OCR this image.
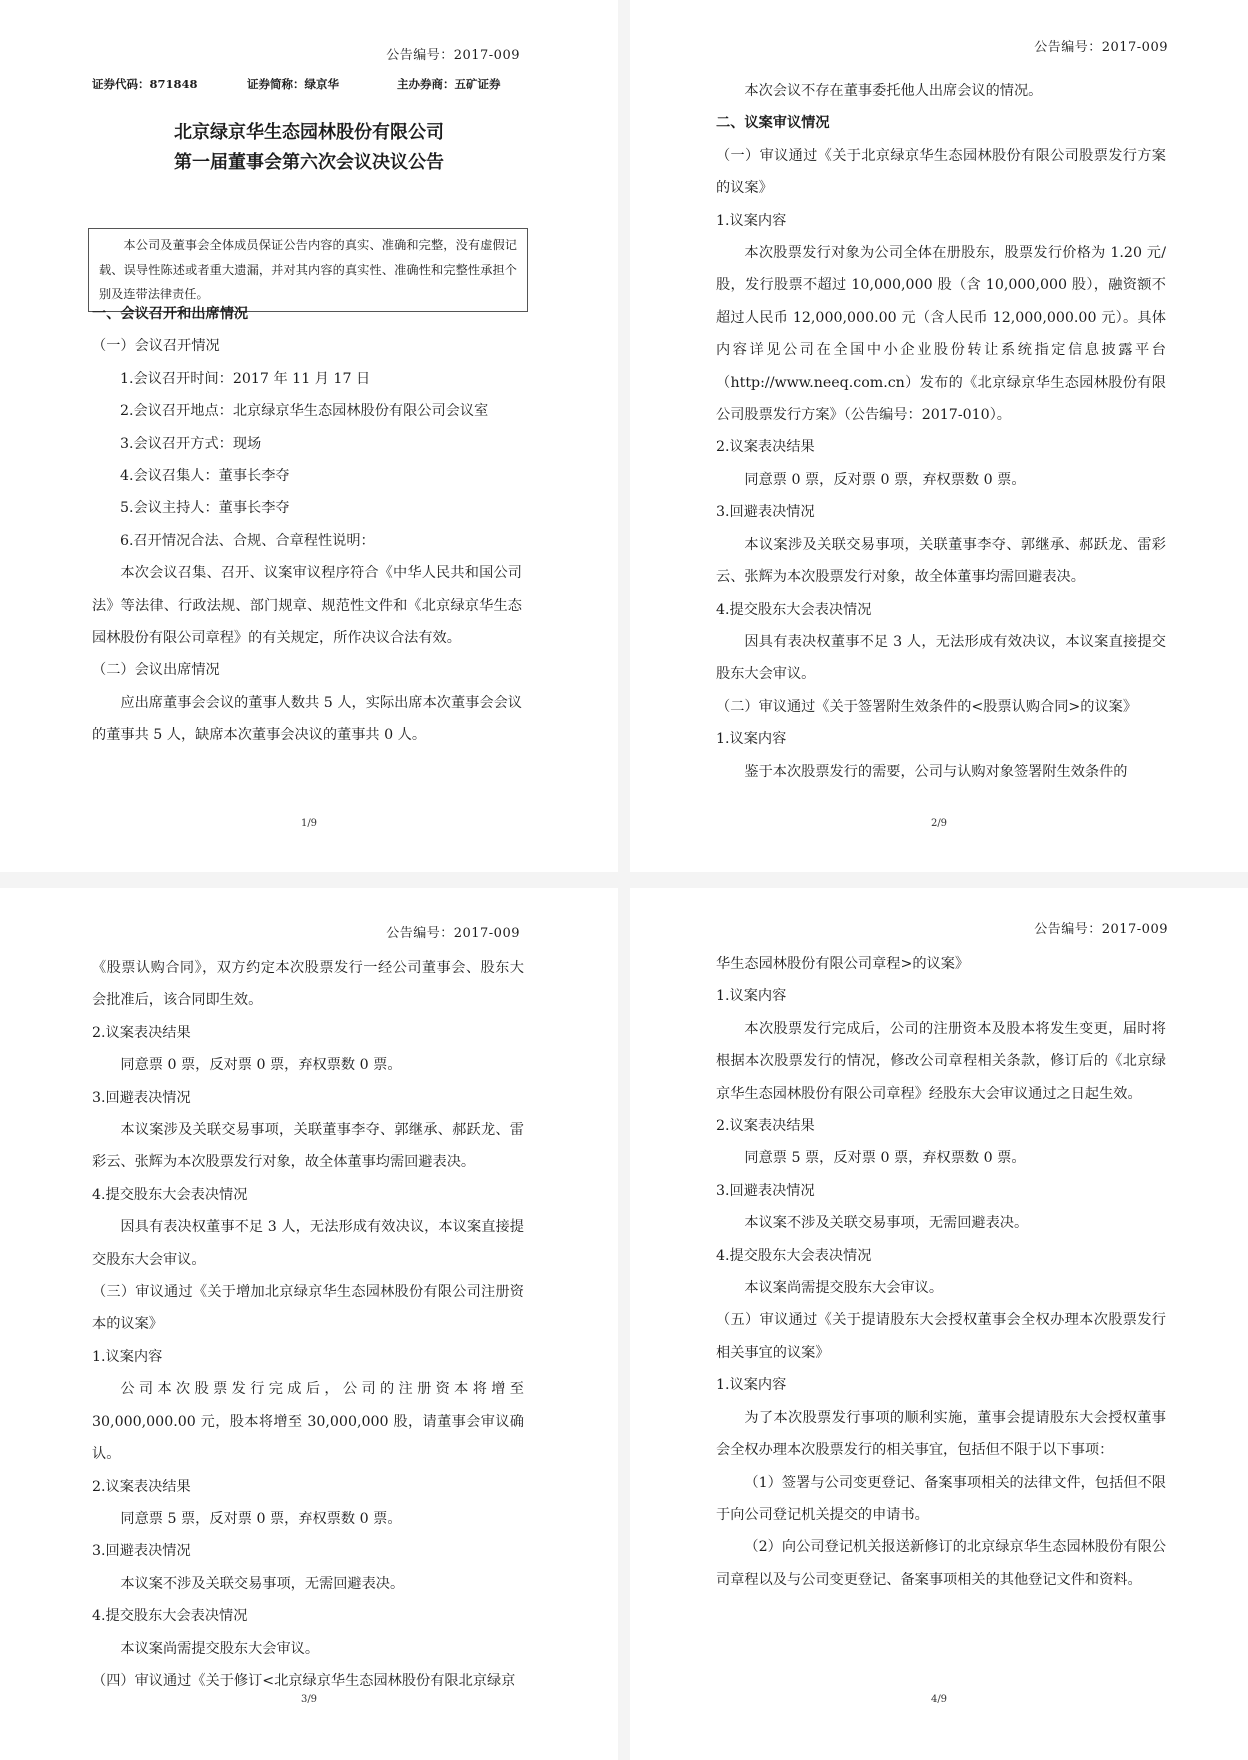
公告编号：2017-009
证券代码：871848	证券简称：绿京华	主办券商：五矿证券
北京绿京华生态园林股份有限公司
第一届董事会第六次会议决议公告
本公司及董事会全体成员保证公告内容的真实、准确和完整，没有虚假记载、误导性陈述或者重大遗漏，并对其内容的真实性、准确性和完整性承担个别及连带法律责任。

一、会议召开和出席情况

（一）会议召开情况

1.会议召开时间：2017 年 11 月 17 日

2.会议召开地点：北京绿京华生态园林股份有限公司会议室

3.会议召开方式：现场

4.会议召集人：董事长李夺

5.会议主持人：董事长李夺

6.召开情况合法、合规、合章程性说明：

本次会议召集、召开、议案审议程序符合《中华人民共和国公司法》等法律、行政法规、部门规章、规范性文件和《北京绿京华生态园林股份有限公司章程》的有关规定，所作决议合法有效。

（二）会议出席情况

应出席董事会会议的董事人数共 5 人，实际出席本次董事会会议的董事共 5 人，缺席本次董事会决议的董事共 0 人。

1/9
公告编号：2017-009

本次会议不存在董事委托他人出席会议的情况。

二、议案审议情况

（一）审议通过《关于北京绿京华生态园林股份有限公司股票发行方案的议案》

1.议案内容

本次股票发行对象为公司全体在册股东，股票发行价格为 1.20 元/股，发行股票不超过 10,000,000 股（含 10,000,000 股），融资额不超过人民币 12,000,000.00 元（含人民币 12,000,000.00 元）。具体内容详见公司在全国中小企业股份转让系统指定信息披露平台（http://www.neeq.com.cn）发布的《北京绿京华生态园林股份有限公司股票发行方案》（公告编号：2017-010）。

2.议案表决结果

同意票 0 票，反对票 0 票，弃权票数 0 票。

3.回避表决情况

本议案涉及关联交易事项，关联董事李夺、郭继承、郝跃龙、雷彩云、张辉为本次股票发行对象，故全体董事均需回避表决。

4.提交股东大会表决情况

因具有表决权董事不足 3 人，无法形成有效决议，本议案直接提交股东大会审议。

（二）审议通过《关于签署附生效条件的<股票认购合同>的议案》

1.议案内容

鉴于本次股票发行的需要，公司与认购对象签署附生效条件的

2/9
公告编号：2017-009

《股票认购合同》，双方约定本次股票发行一经公司董事会、股东大会批准后，该合同即生效。

2.议案表决结果

同意票 0 票，反对票 0 票，弃权票数 0 票。

3.回避表决情况

本议案涉及关联交易事项，关联董事李夺、郭继承、郝跃龙、雷彩云、张辉为本次股票发行对象，故全体董事均需回避表决。

4.提交股东大会表决情况

因具有表决权董事不足 3 人，无法形成有效决议，本议案直接提交股东大会审议。

（三）审议通过《关于增加北京绿京华生态园林股份有限公司注册资本的议案》

1.议案内容

公司本次股票发行完成后，公司的注册资本将增至 30,000,000.00 元，股本将增至 30,000,000 股，请董事会审议确认。

2.议案表决结果

同意票 5 票，反对票 0 票，弃权票数 0 票。

3.回避表决情况

本议案不涉及关联交易事项，无需回避表决。

4.提交股东大会表决情况

本议案尚需提交股东大会审议。

（四）审议通过《关于修订<北京绿京华生态园林股份有限北京绿京

3/9
公告编号：2017-009

华生态园林股份有限公司章程>的议案》

1.议案内容

本次股票发行完成后，公司的注册资本及股本将发生变更，届时将根据本次股票发行的情况，修改公司章程相关条款，修订后的《北京绿京华生态园林股份有限公司章程》经股东大会审议通过之日起生效。

2.议案表决结果

同意票 5 票，反对票 0 票，弃权票数 0 票。

3.回避表决情况

本议案不涉及关联交易事项，无需回避表决。

4.提交股东大会表决情况

本议案尚需提交股东大会审议。

（五）审议通过《关于提请股东大会授权董事会全权办理本次股票发行相关事宜的议案》

1.议案内容

为了本次股票发行事项的顺利实施，董事会提请股东大会授权董事会全权办理本次股票发行的相关事宜，包括但不限于以下事项：

（1）签署与公司变更登记、备案事项相关的法律文件，包括但不限于向公司登记机关提交的申请书。

（2）向公司登记机关报送新修订的北京绿京华生态园林股份有限公司章程以及与公司变更登记、备案事项相关的其他登记文件和资料。

4/9
